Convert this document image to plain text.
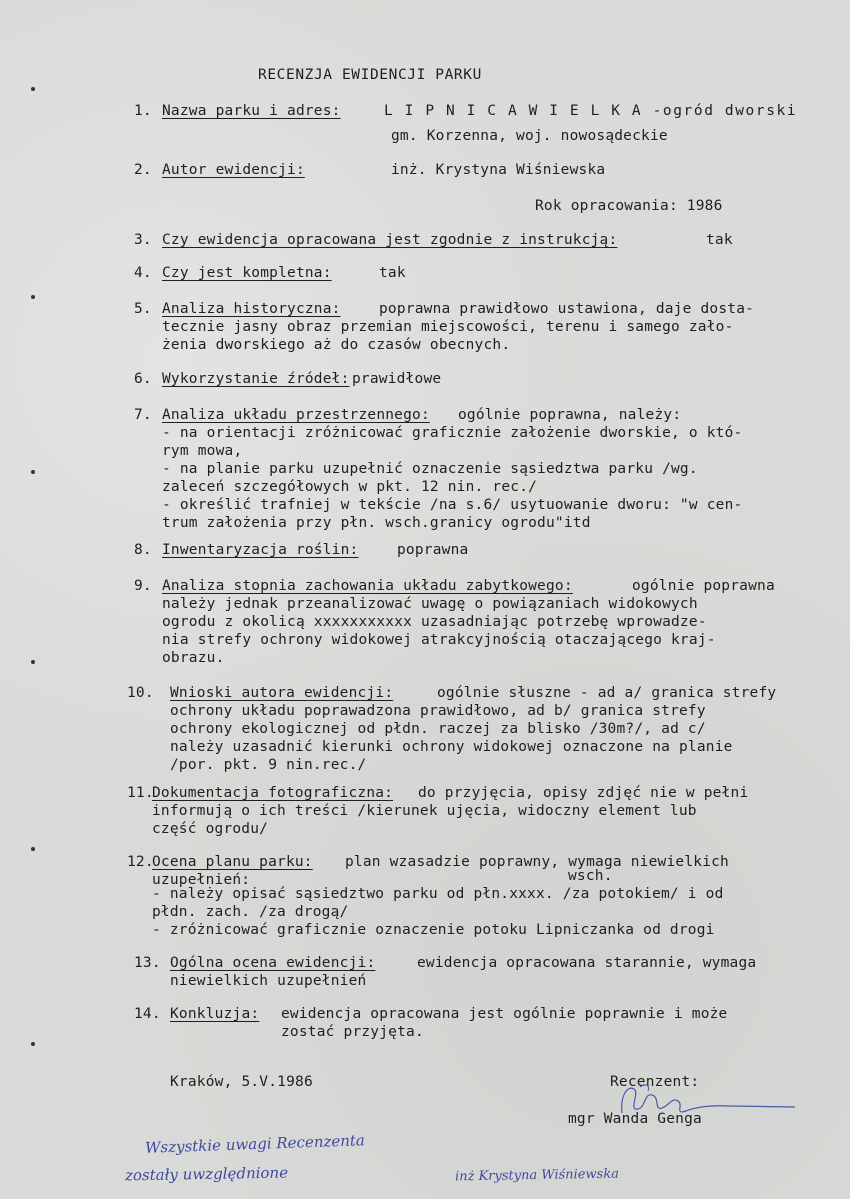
RECENZJA EWIDENCJI PARKU
1. Nazwa parku i adres:	L I P N I C A W I E L K A -ogród dworski
gm. Korzenna, woj. nowosądeckie
2. Autor ewidencji:	inż. Krystyna Wiśniewska
Rok opracowania: 1986
3. Czy ewidencja opracowana jest zgodnie z instrukcją:	tak
4. Czy jest kompletna:	tak
5. Analiza historyczna:	poprawna prawidłowo ustawiona, daje dosta-
tecznie jasny obraz przemian miejscowości, terenu i samego zało-
żenia dworskiego aż do czasów obecnych.
6. Wykorzystanie źródeł: prawidłowe
7. Analiza układu przestrzennego: ogólnie poprawna, należy:
- na orientacji zróżnicować graficznie założenie dworskie, o któ-
rym mowa,
- na planie parku uzupełnić oznaczenie sąsiedztwa parku /wg.
zaleceń szczegółowych w pkt. 12 nin. rec./
- określić trafniej w tekście /na s.6/ usytuowanie dworu: "w cen-
trum założenia przy płn. wsch.granicy ogrodu"itd
8. Inwentaryzacja roślin:	poprawna
9. Analiza stopnia zachowania układu zabytkowego:	ogólnie poprawna
należy jednak przeanalizować uwagę o powiązaniach widokowych
ogrodu z okolicą xxxxxxxxxxx uzasadniając potrzebę wprowadze-
nia strefy ochrony widokowej atrakcyjnością otaczającego kraj-
obrazu.
10. Wnioski autora ewidencji:	ogólnie słuszne - ad a/ granica strefy
ochrony układu poprawadzona prawidłowo, ad b/ granica strefy
ochrony ekologicznej od płdn. raczej za blisko /30m?/, ad c/
należy uzasadnić kierunki ochrony widokowej oznaczone na planie
/por. pkt. 9 nin.rec./
11.
Dokumentacja fotograficzna: do przyjęcia, opisy zdjęć nie w pełni
informują o ich treści /kierunek ujęcia, widoczny element lub
część ogrodu/
12.
Ocena planu parku: plan wzasadzie poprawny, wymaga niewielkich
uzupełnień:	wsch.
- należy opisać sąsiedztwo parku od płn.xxxx. /za potokiem/ i od
płdn. zach. /za drogą/
- zróżnicować graficznie oznaczenie potoku Lipniczanka od drogi
13. Ogólna ocena ewidencji:	ewidencja opracowana starannie, wymaga
niewielkich uzupełnień
14. Konkluzja: ewidencja opracowana jest ogólnie poprawnie i może
zostać przyjęta.
Kraków, 5.V.1986	Recenzent:
mgr Wanda Genga
Wszystkie uwagi Recenzenta
zostały uwzględnione	inż Krystyna Wiśniewska
